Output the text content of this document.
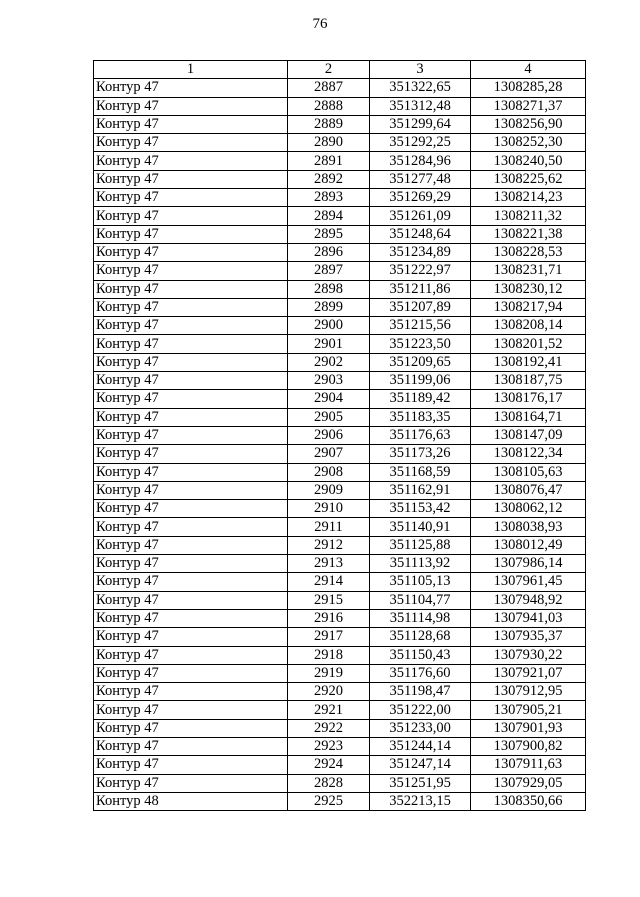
76
1	2	3	4
Контур 47	2887	351322,65	1308285,28
Контур 47	2888	351312,48	1308271,37
Контур 47	2889	351299,64	1308256,90
Контур 47	2890	351292,25	1308252,30
Контур 47	2891	351284,96	1308240,50
Контур 47	2892	351277,48	1308225,62
Контур 47	2893	351269,29	1308214,23
Контур 47	2894	351261,09	1308211,32
Контур 47	2895	351248,64	1308221,38
Контур 47	2896	351234,89	1308228,53
Контур 47	2897	351222,97	1308231,71
Контур 47	2898	351211,86	1308230,12
Контур 47	2899	351207,89	1308217,94
Контур 47	2900	351215,56	1308208,14
Контур 47	2901	351223,50	1308201,52
Контур 47	2902	351209,65	1308192,41
Контур 47	2903	351199,06	1308187,75
Контур 47	2904	351189,42	1308176,17
Контур 47	2905	351183,35	1308164,71
Контур 47	2906	351176,63	1308147,09
Контур 47	2907	351173,26	1308122,34
Контур 47	2908	351168,59	1308105,63
Контур 47	2909	351162,91	1308076,47
Контур 47	2910	351153,42	1308062,12
Контур 47	2911	351140,91	1308038,93
Контур 47	2912	351125,88	1308012,49
Контур 47	2913	351113,92	1307986,14
Контур 47	2914	351105,13	1307961,45
Контур 47	2915	351104,77	1307948,92
Контур 47	2916	351114,98	1307941,03
Контур 47	2917	351128,68	1307935,37
Контур 47	2918	351150,43	1307930,22
Контур 47	2919	351176,60	1307921,07
Контур 47	2920	351198,47	1307912,95
Контур 47	2921	351222,00	1307905,21
Контур 47	2922	351233,00	1307901,93
Контур 47	2923	351244,14	1307900,82
Контур 47	2924	351247,14	1307911,63
Контур 47	2828	351251,95	1307929,05
Контур 48	2925	352213,15	1308350,66
